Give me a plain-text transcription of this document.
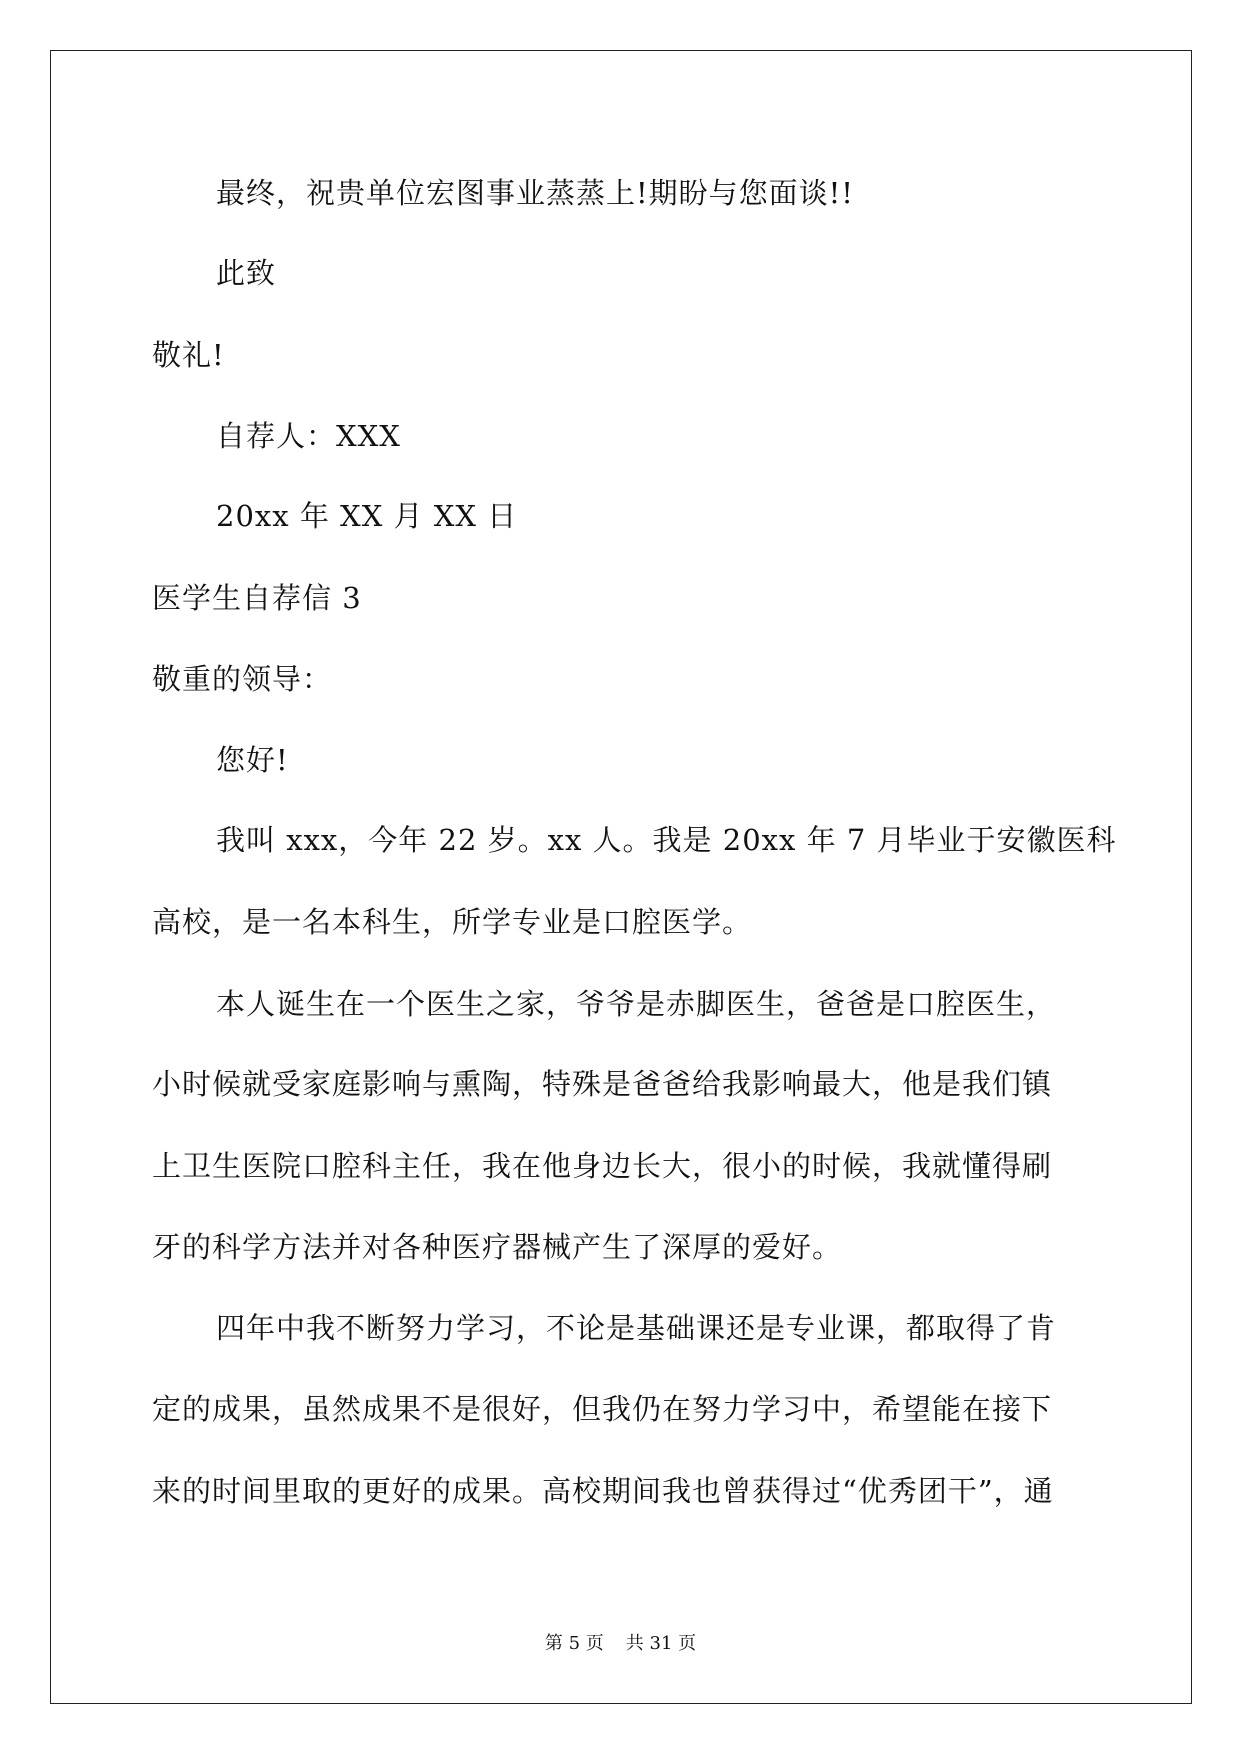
最终，祝贵单位宏图事业蒸蒸上!期盼与您面谈!!
此致
敬礼!
自荐人：XXX
20xx 年 XX 月 XX 日
医学生自荐信 3
敬重的领导：
您好!
我叫 xxx，今年 22 岁。xx 人。我是 20xx 年 7 月毕业于安徽医科
高校，是一名本科生，所学专业是口腔医学。
本人诞生在一个医生之家，爷爷是赤脚医生，爸爸是口腔医生，
小时候就受家庭影响与熏陶，特殊是爸爸给我影响最大，他是我们镇
上卫生医院口腔科主任，我在他身边长大，很小的时候，我就懂得刷
牙的科学方法并对各种医疗器械产生了深厚的爱好。
四年中我不断努力学习，不论是基础课还是专业课，都取得了肯
定的成果，虽然成果不是很好，但我仍在努力学习中，希望能在接下
来的时间里取的更好的成果。高校期间我也曾获得过“优秀团干”，通
第 5 页 共 31 页
